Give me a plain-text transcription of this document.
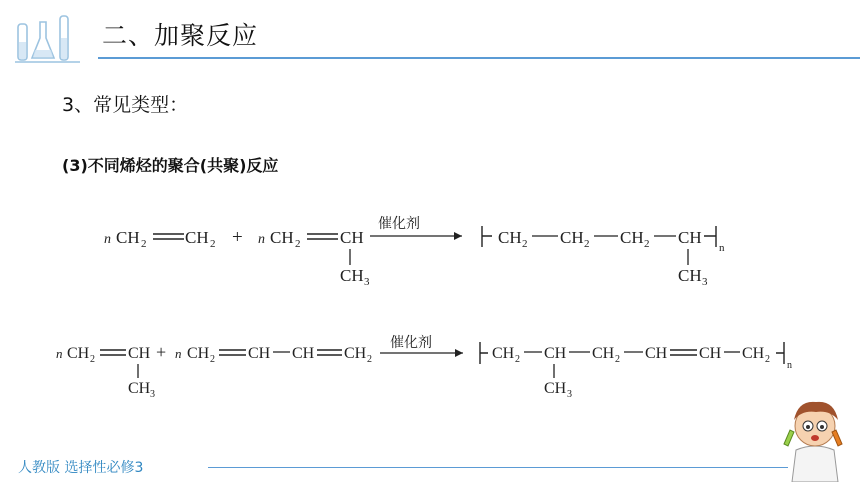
二、加聚反应
3、常见类型：
(3)不同烯烃的聚合(共聚)反应
n CH 2 CH 2 + n CH 2 CH
CH 3
催化剂
CH 2 CH 2 CH 2 CH
CH 3
n
n CH 2 CH
CH 3
+ n CH 2 CH CH CH 2
催化剂
CH 2 CH CH 2 CH CH CH 2
CH 3
n
人教版 选择性必修3
